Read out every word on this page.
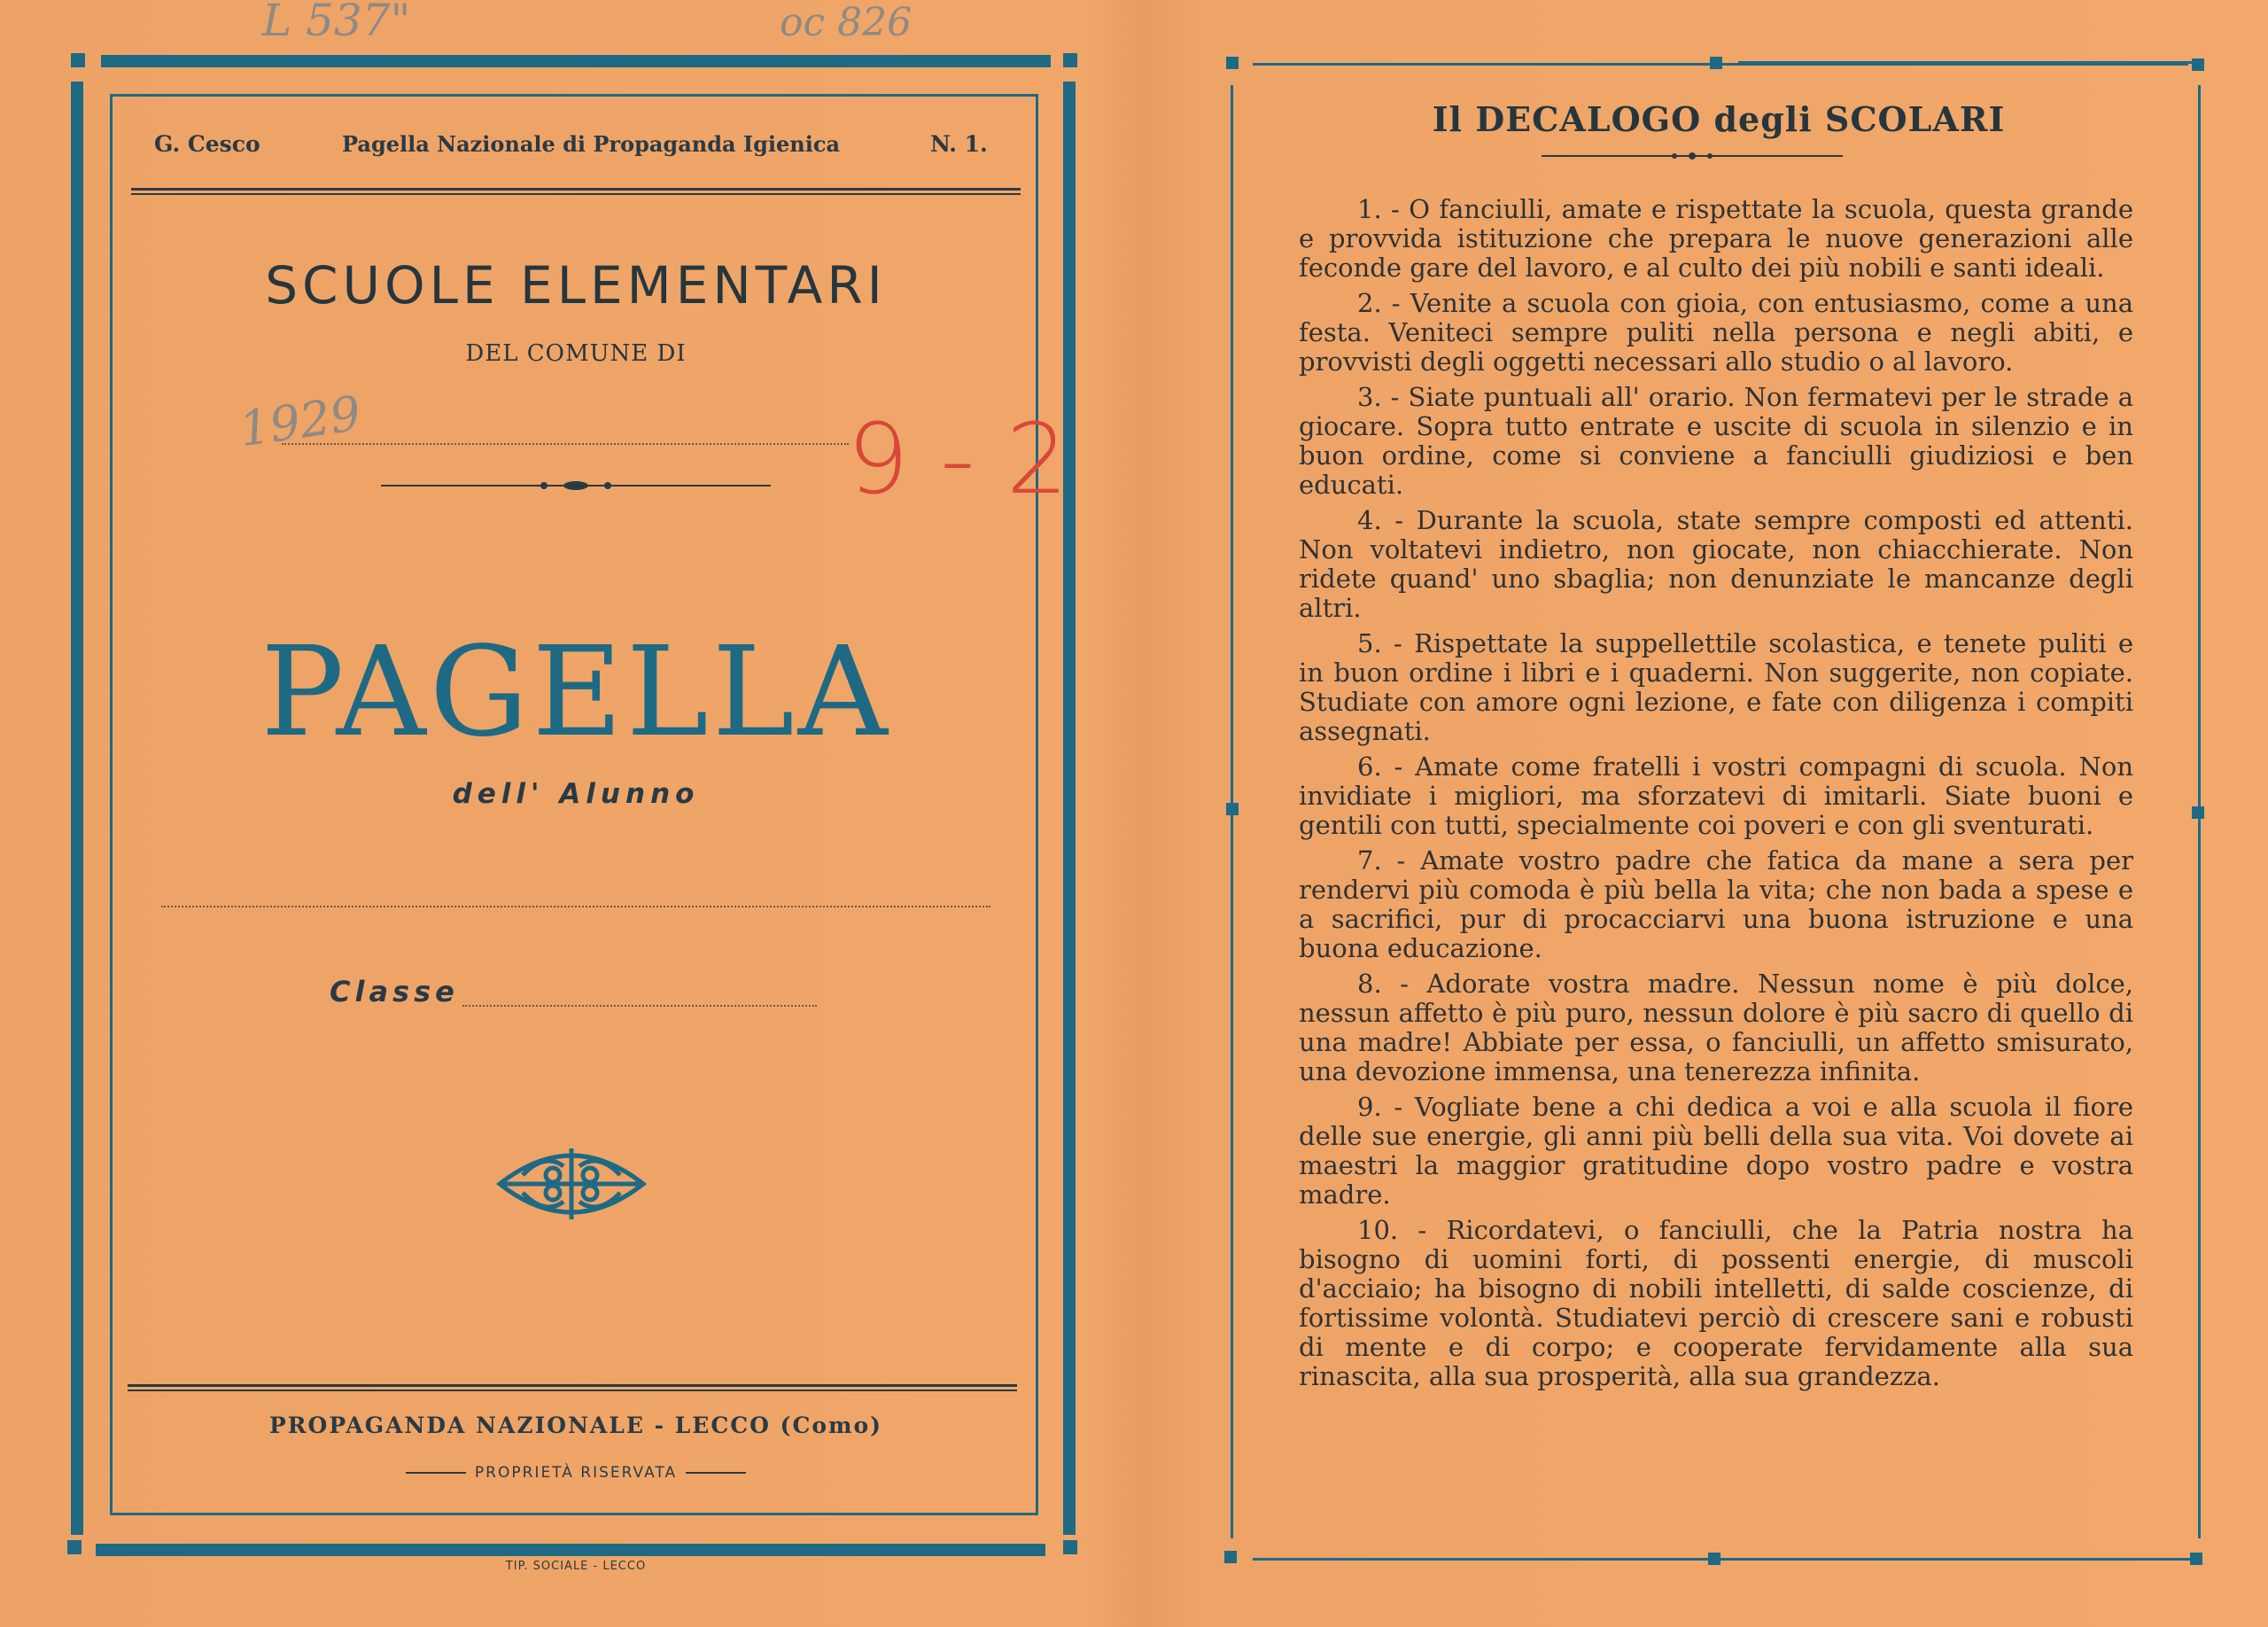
L 537"	oc 826
G. Cesco	Pagella Nazionale di Propaganda Igienica	N. 1.
SCUOLE ELEMENTARI
DEL COMUNE DI
1929	9 - 2
PAGELLA
dell' Alunno
Classe
PROPAGANDA NAZIONALE - LECCO (Como)
PROPRIETÀ RISERVATA
TIP. SOCIALE - LECCO
Il DECALOGO degli SCOLARI

1. - O fanciulli, amate e rispettate la scuola, questa grande e provvida istituzione che prepara le nuove generazioni alle feconde gare del lavoro, e al culto dei più nobili e santi ideali.

2. - Venite a scuola con gioia, con entusiasmo, come a una festa. Veniteci sempre puliti nella persona e negli abiti, e provvisti degli oggetti necessari allo studio o al lavoro.

3. - Siate puntuali all' orario. Non fermatevi per le strade a giocare. Sopra tutto entrate e uscite di scuola in silenzio e in buon ordine, come si conviene a fanciulli giudiziosi e ben educati.

4. - Durante la scuola, state sempre composti ed attenti. Non voltatevi indietro, non giocate, non chiacchierate. Non ridete quand' uno sbaglia; non denunziate le mancanze degli altri.

5. - Rispettate la suppellettile scolastica, e tenete puliti e in buon ordine i libri e i quaderni. Non suggerite, non copiate. Studiate con amore ogni lezione, e fate con diligenza i compiti assegnati.

6. - Amate come fratelli i vostri compagni di scuola. Non invidiate i migliori, ma sforzatevi di imitarli. Siate buoni e gentili con tutti, specialmente coi poveri e con gli sventurati.

7. - Amate vostro padre che fatica da mane a sera per rendervi più comoda è più bella la vita; che non bada a spese e a sacrifici, pur di procacciarvi una buona istruzione e una buona educazione.

8. - Adorate vostra madre. Nessun nome è più dolce, nessun affetto è più puro, nessun dolore è più sacro di quello di una madre! Abbiate per essa, o fanciulli, un affetto smisurato, una devozione immensa, una tenerezza infinita.

9. - Vogliate bene a chi dedica a voi e alla scuola il fiore delle sue energie, gli anni più belli della sua vita. Voi dovete ai maestri la maggior gratitudine dopo vostro padre e vostra madre.

10. - Ricordatevi, o fanciulli, che la Patria nostra ha bisogno di uomini forti, di possenti energie, di muscoli d'acciaio; ha bisogno di nobili intelletti, di salde coscienze, di fortissime volontà. Studiatevi perciò di crescere sani e robusti di mente e di corpo; e cooperate fervidamente alla sua rinascita, alla sua prosperità, alla sua grandezza.
